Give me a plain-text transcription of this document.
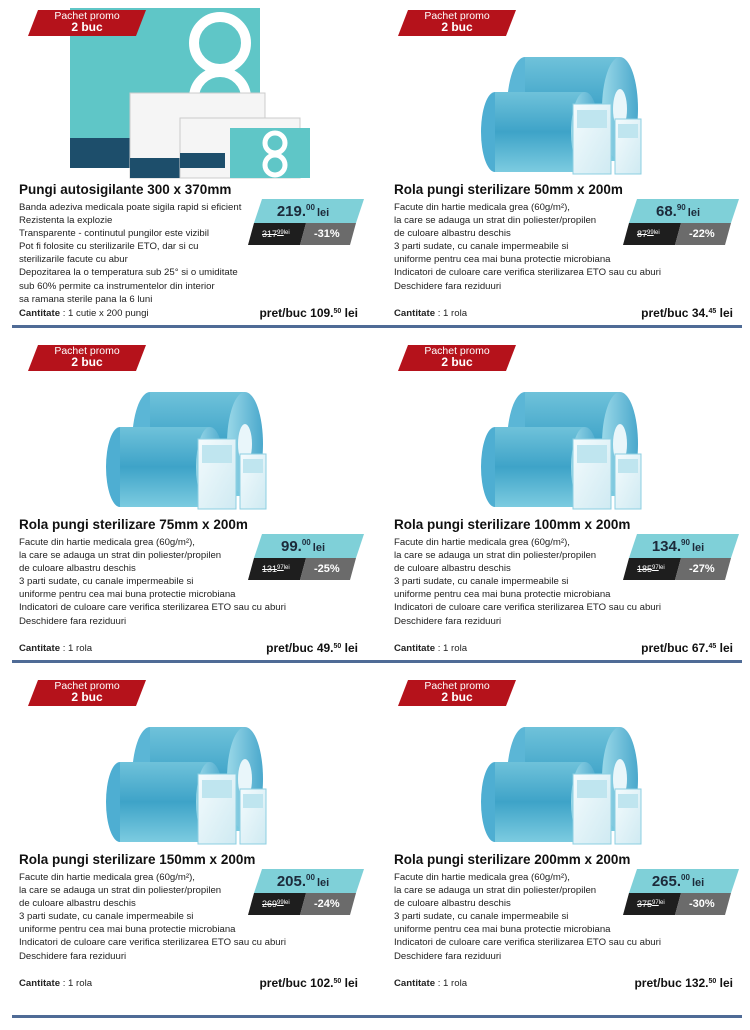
Pachet promo
2 buc
Pungi autosigilante 300 x 370mm
Banda adeziva medicala poate sigila rapid si eficient
Rezistenta la explozie
Transparente - continutul pungilor este vizibil
Pot fi folosite cu sterilizarile ETO, dar si cu
sterilizarile facute cu abur
Depozitarea la o temperatura sub 25° si o umiditate
sub 60% permite ca instrumentelor din interior
sa ramana sterile pana la 6 luni
219.00 lei
$317^{99lei}$ -31%
Cantitate : 1 cutie x 200 pungi	pret/buc 109.50 lei
Pachet promo
2 buc
Rola pungi sterilizare 50mm x 200m
Facute din hartie medicala grea (60g/m²),
la care se adauga un strat din poliester/propilen
de culoare albastru deschis
3 parti sudate, cu canale impermeabile si
uniforme pentru cea mai buna protectie microbiana
Indicatori de culoare care verifica sterilizarea ETO sau cu aburi
Deschidere fara reziduuri
68.90 lei
$87^{99lei}$	-22%
Cantitate : 1 rola	pret/buc 34.45 lei
Pachet promo
2 buc
Rola pungi sterilizare 75mm x 200m
Facute din hartie medicala grea (60g/m²),
la care se adauga un strat din poliester/propilen
de culoare albastru deschis
3 parti sudate, cu canale impermeabile si
uniforme pentru cea mai buna protectie microbiana
Indicatori de culoare care verifica sterilizarea ETO sau cu aburi
Deschidere fara reziduuri
99.00 lei
$131^{97lei}$ -25%
Cantitate : 1 rola	pret/buc 49.50 lei
Pachet promo
2 buc
Rola pungi sterilizare 100mm x 200m
Facute din hartie medicala grea (60g/m²),
la care se adauga un strat din poliester/propilen
de culoare albastru deschis
3 parti sudate, cu canale impermeabile si
uniforme pentru cea mai buna protectie microbiana
Indicatori de culoare care verifica sterilizarea ETO sau cu aburi
Deschidere fara reziduuri
134.90 lei
$185^{97lei}$ -27%
Cantitate : 1 rola	pret/buc 67.45 lei
Pachet promo
2 buc
Rola pungi sterilizare 150mm x 200m
Facute din hartie medicala grea (60g/m²),
la care se adauga un strat din poliester/propilen
de culoare albastru deschis
3 parti sudate, cu canale impermeabile si
uniforme pentru cea mai buna protectie microbiana
Indicatori de culoare care verifica sterilizarea ETO sau cu aburi
Deschidere fara reziduuri
205.00 lei
$269^{99lei}$ -24%
Cantitate : 1 rola	pret/buc 102.50 lei
Pachet promo
2 buc
Rola pungi sterilizare 200mm x 200m
Facute din hartie medicala grea (60g/m²),
la care se adauga un strat din poliester/propilen
de culoare albastru deschis
3 parti sudate, cu canale impermeabile si
uniforme pentru cea mai buna protectie microbiana
Indicatori de culoare care verifica sterilizarea ETO sau cu aburi
Deschidere fara reziduuri
265.00 lei
$375^{97lei}$ -30%
Cantitate : 1 rola	pret/buc 132.50 lei
